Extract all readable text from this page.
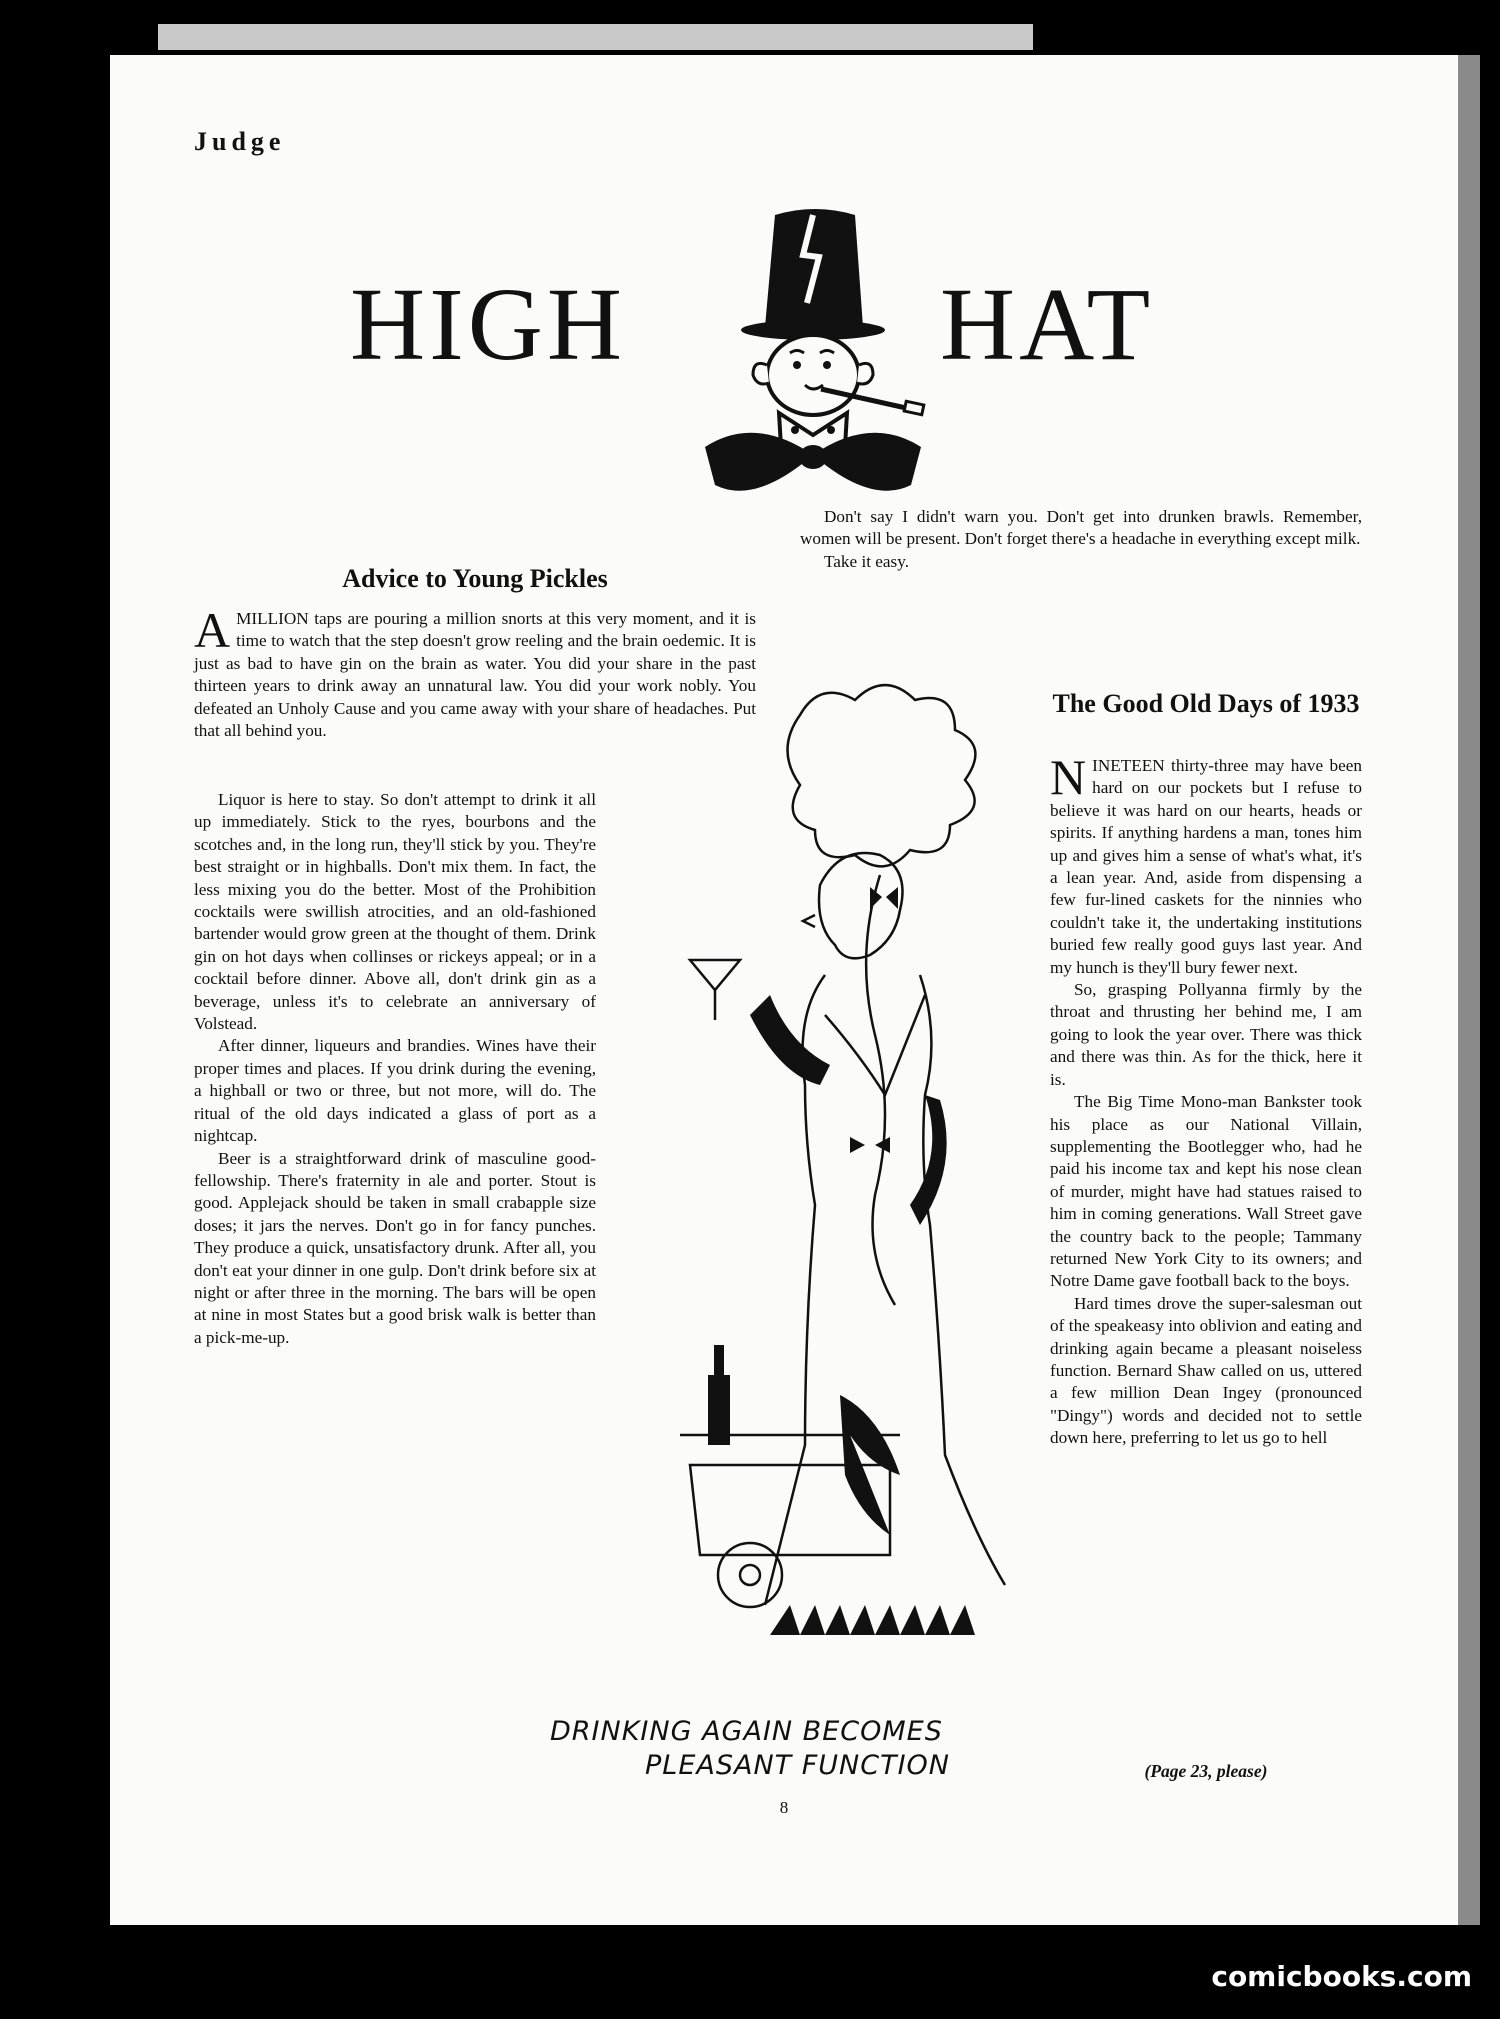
Judge
HIGH	HAT
Advice to Young Pickles

AMILLION taps are pouring a million snorts at this very moment, and it is time to watch that the step doesn't grow reeling and the brain oedemic. It is just as bad to have gin on the brain as water. You did your share in the past thirteen years to drink away an unnatural law. You did your work nobly. You defeated an Unholy Cause and you came away with your share of headaches. Put that all behind you.

Liquor is here to stay. So don't attempt to drink it all up immediately. Stick to the ryes, bourbons and the scotches and, in the long run, they'll stick by you. They're best straight or in highballs. Don't mix them. In fact, the less mixing you do the better. Most of the Prohibition cocktails were swillish atrocities, and an old-fashioned bartender would grow green at the thought of them. Drink gin on hot days when collinses or rickeys appeal; or in a cocktail before dinner. Above all, don't drink gin as a beverage, unless it's to celebrate an anniversary of Volstead.

After dinner, liqueurs and brandies. Wines have their proper times and places. If you drink during the evening, a highball or two or three, but not more, will do. The ritual of the old days indicated a glass of port as a nightcap.

Beer is a straightforward drink of masculine good-fellowship. There's fraternity in ale and porter. Stout is good. Applejack should be taken in small crabapple size doses; it jars the nerves. Don't go in for fancy punches. They produce a quick, unsatisfactory drunk. After all, you don't eat your dinner in one gulp. Don't drink before six at night or after three in the morning. The bars will be open at nine in most States but a good brisk walk is better than a pick-me-up.

Don't say I didn't warn you. Don't get into drunken brawls. Remember, women will be present. Don't forget there's a headache in everything except milk.

Take it easy.

The Good Old Days of 1933

NINETEEN thirty-three may have been hard on our pockets but I refuse to believe it was hard on our hearts, heads or spirits. If anything hardens a man, tones him up and gives him a sense of what's what, it's a lean year. And, aside from dispensing a few fur-lined caskets for the ninnies who couldn't take it, the undertaking institutions buried few really good guys last year. And my hunch is they'll bury fewer next.

So, grasping Pollyanna firmly by the throat and thrusting her behind me, I am going to look the year over. There was thick and there was thin. As for the thick, here it is.

The Big Time Mono-man Bankster took his place as our National Villain, supplementing the Bootlegger who, had he paid his income tax and kept his nose clean of murder, might have had statues raised to him in coming generations. Wall Street gave the country back to the people; Tammany returned New York City to its owners; and Notre Dame gave football back to the boys.

Hard times drove the super-salesman out of the speakeasy into oblivion and eating and drinking again became a pleasant noiseless function. Bernard Shaw called on us, uttered a few million Dean Ingey (pronounced "Dingy") words and decided not to settle down here, preferring to let us go to hell

(Page 23, please)
DRINKING AGAIN BECOMES
PLEASANT FUNCTION
8
comicbooks.com
